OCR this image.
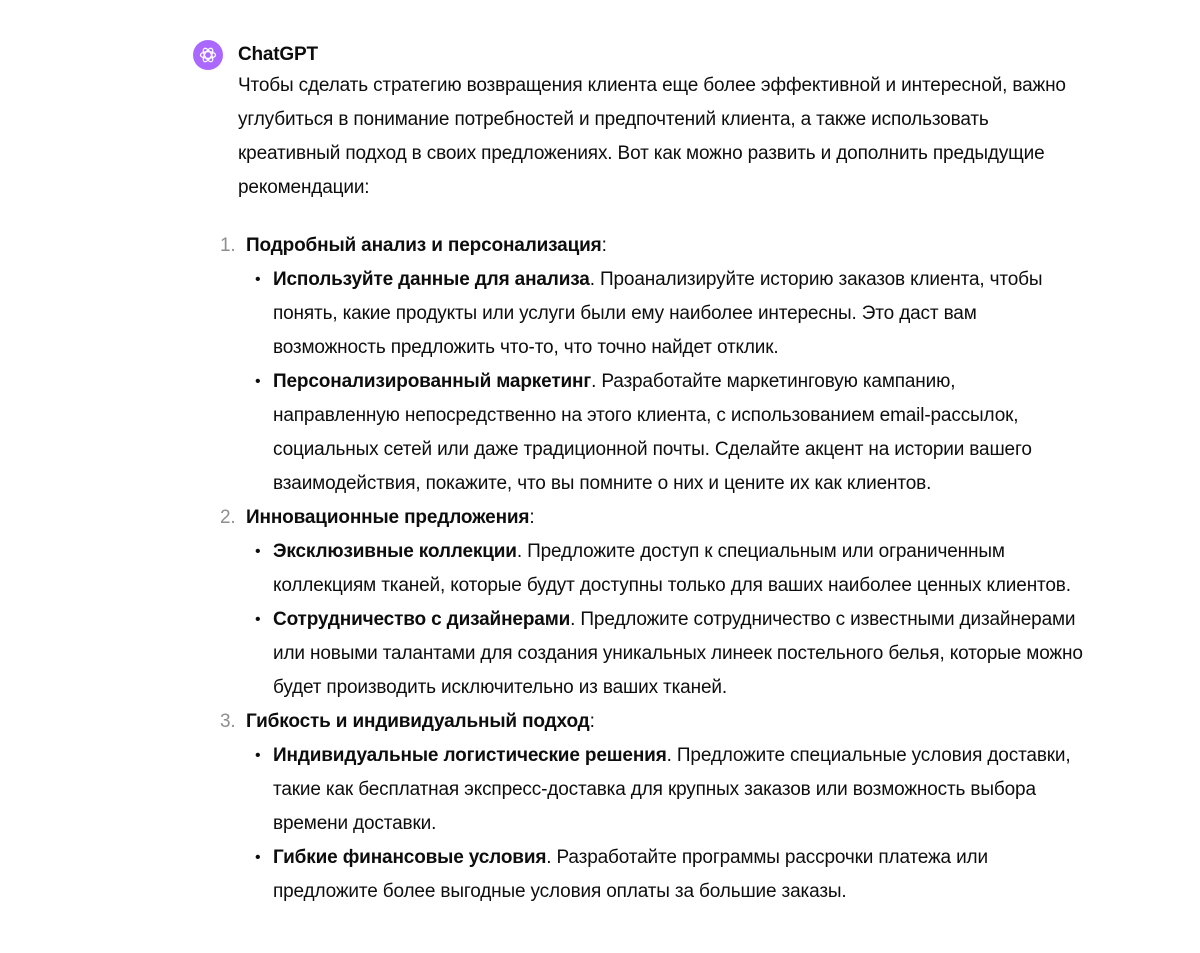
ChatGPT

Чтобы сделать стратегию возвращения клиента еще более эффективной и интересной, важно углубиться в понимание потребностей и предпочтений клиента, а также использовать креативный подход в своих предложениях. Вот как можно развить и дополнить предыдущие рекомендации:

1. Подробный анализ и персонализация:
• Используйте данные для анализа. Проанализируйте историю заказов клиента, чтобы понять, какие продукты или услуги были ему наиболее интересны. Это даст вам возможность предложить что-то, что точно найдет отклик.
• Персонализированный маркетинг. Разработайте маркетинговую кампанию, направленную непосредственно на этого клиента, с использованием email-рассылок, социальных сетей или даже традиционной почты. Сделайте акцент на истории вашего взаимодействия, покажите, что вы помните о них и цените их как клиентов.
2. Инновационные предложения:
• Эксклюзивные коллекции. Предложите доступ к специальным или ограниченным коллекциям тканей, которые будут доступны только для ваших наиболее ценных клиентов.
• Сотрудничество с дизайнерами. Предложите сотрудничество с известными дизайнерами или новыми талантами для создания уникальных линеек постельного белья, которые можно будет производить исключительно из ваших тканей.
3. Гибкость и индивидуальный подход:
• Индивидуальные логистические решения. Предложите специальные условия доставки, такие как бесплатная экспресс-доставка для крупных заказов или возможность выбора времени доставки.
• Гибкие финансовые условия. Разработайте программы рассрочки платежа или предложите более выгодные условия оплаты за большие заказы.
